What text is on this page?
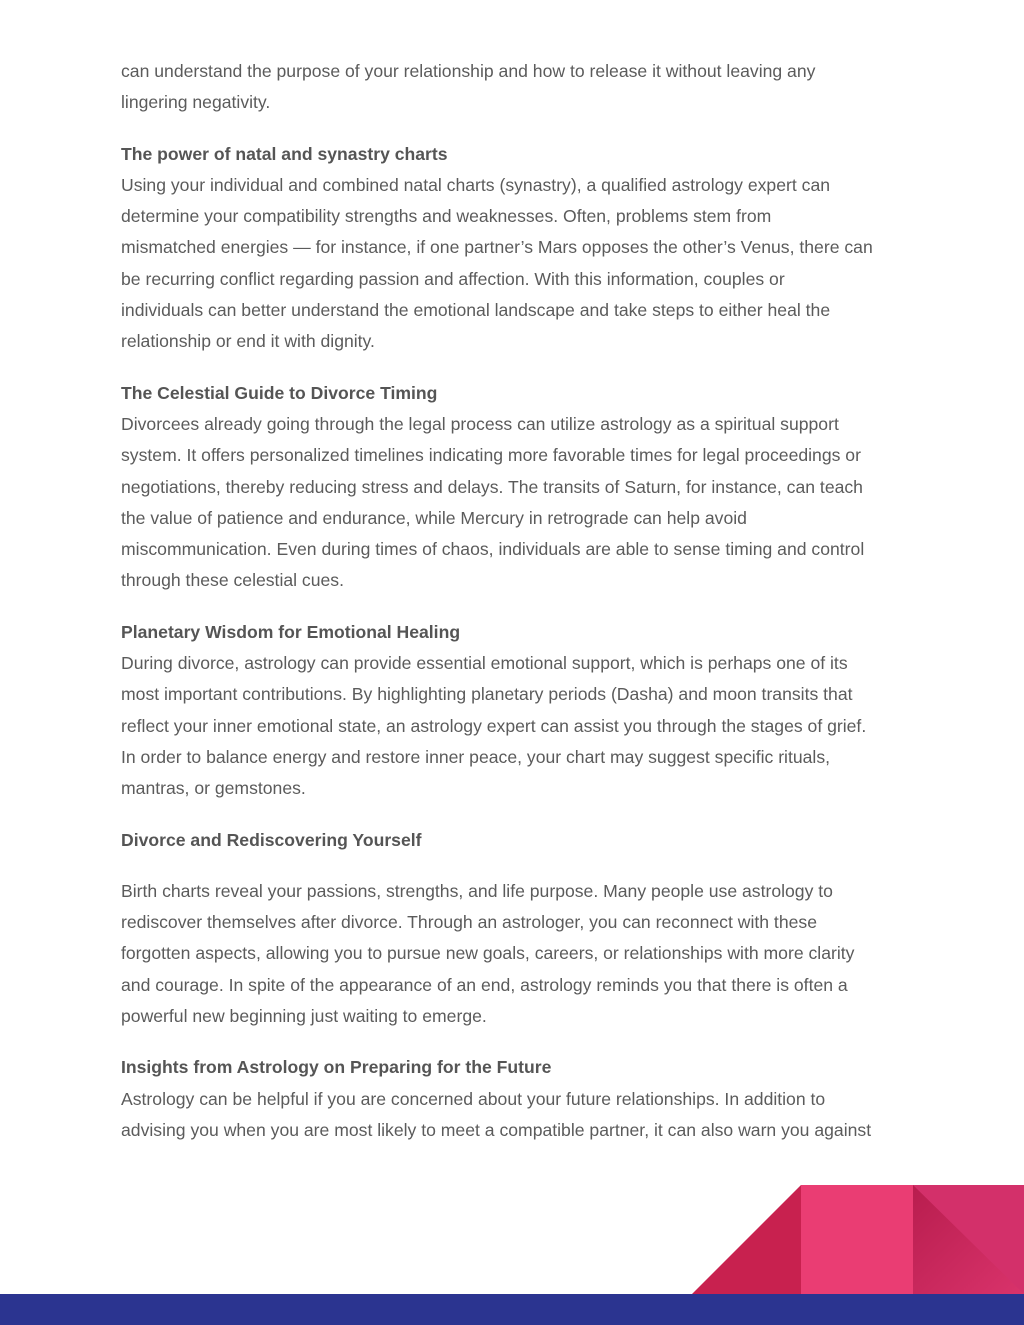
can understand the purpose of your relationship and how to release it without leaving any

lingering negativity.

The power of natal and synastry charts

Using your individual and combined natal charts (synastry), a qualified astrology expert can

determine your compatibility strengths and weaknesses. Often, problems stem from

mismatched energies — for instance, if one partner’s Mars opposes the other’s Venus, there can

be recurring conflict regarding passion and affection. With this information, couples or

individuals can better understand the emotional landscape and take steps to either heal the

relationship or end it with dignity.

The Celestial Guide to Divorce Timing

Divorcees already going through the legal process can utilize astrology as a spiritual support

system. It offers personalized timelines indicating more favorable times for legal proceedings or

negotiations, thereby reducing stress and delays. The transits of Saturn, for instance, can teach

the value of patience and endurance, while Mercury in retrograde can help avoid

miscommunication. Even during times of chaos, individuals are able to sense timing and control

through these celestial cues.

Planetary Wisdom for Emotional Healing

During divorce, astrology can provide essential emotional support, which is perhaps one of its

most important contributions. By highlighting planetary periods (Dasha) and moon transits that

reflect your inner emotional state, an astrology expert can assist you through the stages of grief.

In order to balance energy and restore inner peace, your chart may suggest specific rituals,

mantras, or gemstones.

Divorce and Rediscovering Yourself

Birth charts reveal your passions, strengths, and life purpose. Many people use astrology to

rediscover themselves after divorce. Through an astrologer, you can reconnect with these

forgotten aspects, allowing you to pursue new goals, careers, or relationships with more clarity

and courage. In spite of the appearance of an end, astrology reminds you that there is often a

powerful new beginning just waiting to emerge.

Insights from Astrology on Preparing for the Future

Astrology can be helpful if you are concerned about your future relationships. In addition to

advising you when you are most likely to meet a compatible partner, it can also warn you against
